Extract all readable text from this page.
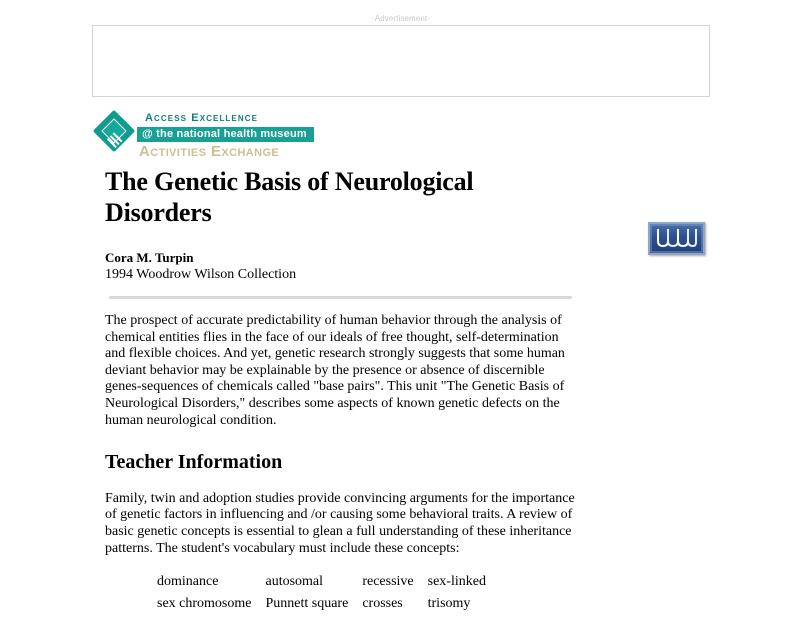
-Advertisement-
Access Excellence
@ the national health museum
Activities Exchange
The Genetic Basis of Neurological Disorders
Cora M. Turpin
1994 Woodrow Wilson Collection

The prospect of accurate predictability of human behavior through the analysis of chemical entities flies in the face of our ideals of free thought, self-determination and flexible choices. And yet, genetic research strongly suggests that some human deviant behavior may be explainable by the presence or absence of discernible genes-sequences of chemicals called "base pairs". This unit "The Genetic Basis of Neurological Disorders," describes some aspects of known genetic defects on the human neurological condition.

Teacher Information

Family, twin and adoption studies provide convincing arguments for the importance of genetic factors in influencing and /or causing some behavioral traits. A review of basic genetic concepts is essential to glean a full understanding of these inheritance patterns. The student's vocabulary must include these concepts:

dominance	autosomal	recessive	sex-linked
sex chromosome	Punnett square	crosses	trisomy
